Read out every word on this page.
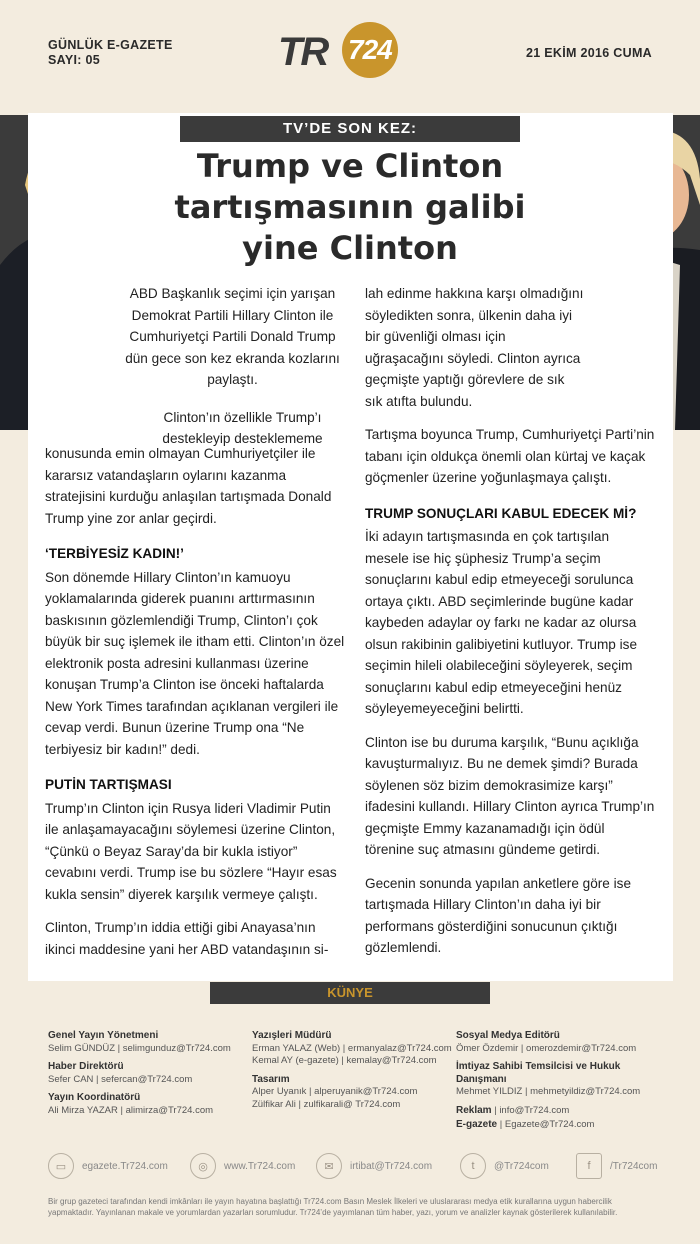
GÜNLÜK E-GAZETE
SAYI: 05	TR 724	21 EKİM 2016 CUMA
TV’DE SON KEZ:
Trump ve Clinton
tartışmasının galibi
yine Clinton

ABD Başkanlık seçimi için yarışan Demokrat Partili Hillary Clinton ile Cumhuriyetçi Partili Donald Trump dün gece son kez ekranda kozlarını paylaştı.

Clinton’ın özellikle Trump’ı destekleyip desteklememe

konusunda emin olmayan Cumhuriyetçiler ile kararsız vatandaşların oylarını kazanma stratejisini kurduğu anlaşılan tartışmada Donald Trump yine zor anlar geçirdi.

‘TERBİYESİZ KADIN!’

Son dönemde Hillary Clinton’ın kamuoyu yoklamalarında giderek puanını arttırmasının baskısının gözlemlendiği Trump, Clinton’ı çok büyük bir suç işlemek ile itham etti. Clinton’ın özel elektronik posta adresini kullanması üzerine konuşan Trump’a Clinton ise önceki haftalarda New York Times tarafından açıklanan vergileri ile cevap verdi. Bunun üzerine Trump ona “Ne terbiyesiz bir kadın!” dedi.

PUTİN TARTIŞMASI

Trump’ın Clinton için Rusya lideri Vladimir Putin ile anlaşamayacağını söylemesi üzerine Clinton, “Çünkü o Beyaz Saray’da bir kukla istiyor” cevabını verdi. Trump ise bu sözlere “Hayır esas kukla sensin” diyerek karşılık vermeye çalıştı.

Clinton, Trump’ın iddia ettiği gibi Anayasa’nın ikinci maddesine yani her ABD vatandaşının si-

lah edinme hakkına karşı olmadığını söyledikten sonra, ülkenin daha iyi bir güvenliği olması için uğraşacağını söyledi. Clinton ayrıca geçmişte yaptığı görevlere de sık sık atıfta bulundu.

Tartışma boyunca Trump, Cumhuriyetçi Parti’nin tabanı için oldukça önemli olan kürtaj ve kaçak göçmenler üzerine yoğunlaşmaya çalıştı.

TRUMP SONUÇLARI KABUL EDECEK Mİ?

İki adayın tartışmasında en çok tartışılan mesele ise hiç şüphesiz Trump’a seçim sonuçlarını kabul edip etmeyeceği sorulunca ortaya çıktı. ABD seçimlerinde bugüne kadar kaybeden adaylar oy farkı ne kadar az olursa olsun rakibinin galibiyetini kutluyor. Trump ise seçimin hileli olabileceğini söyleyerek, seçim sonuçlarını kabul edip etmeyeceğini henüz söyleyemeyeceğini belirtti.

Clinton ise bu duruma karşılık, “Bunu açıklığa kavuşturmalıyız. Bu ne demek şimdi? Burada söylenen söz bizim demokrasimize karşı” ifadesini kullandı. Hillary Clinton ayrıca Trump’ın geçmişte Emmy kazanamadığı için ödül törenine suç atmasını gündeme getirdi.

Gecenin sonunda yapılan anketlere göre ise tartışmada Hillary Clinton’ın daha iyi bir performans gösterdiğini sonucunun çıktığı gözlemlendi.

KÜNYE
Genel Yayın Yönetmeni
Selim GÜNDÜZ | selimgunduz@Tr724.com
Haber Direktörü
Sefer CAN | sefercan@Tr724.com
Yayın Koordinatörü
Ali Mirza YAZAR | alimirza@Tr724.com
Yazışleri Müdürü
Erman YALAZ (Web) | ermanyalaz@Tr724.com
Kemal AY (e-gazete) | kemalay@Tr724.com
Tasarım
Alper Uyanık | alperuyanik@Tr724.com
Zülfikar Ali | zulfikarali@ Tr724.com
Sosyal Medya Editörü
Ömer Özdemir | omerozdemir@Tr724.com
İmtiyaz Sahibi Temsilcisi ve Hukuk Danışmanı
Mehmet YILDIZ | mehmetyildiz@Tr724.com
Reklam | info@Tr724.com
E-gazete | Egazete@Tr724.com
▭	egazete.Tr724.com	◎	www.Tr724.com	✉	irtibat@Tr724.com	t	@Tr724com	f	/Tr724com
Bir grup gazeteci tarafından kendi imkânları ile yayın hayatına başlattığı Tr724.com Basın Meslek İlkeleri ve uluslararası medya etik kurallarına uygun habercilik yapmaktadır. Yayınlanan makale ve yorumlardan yazarları sorumludur. Tr724’de yayımlanan tüm haber, yazı, yorum ve analizler kaynak gösterilerek kullanılabilir.
